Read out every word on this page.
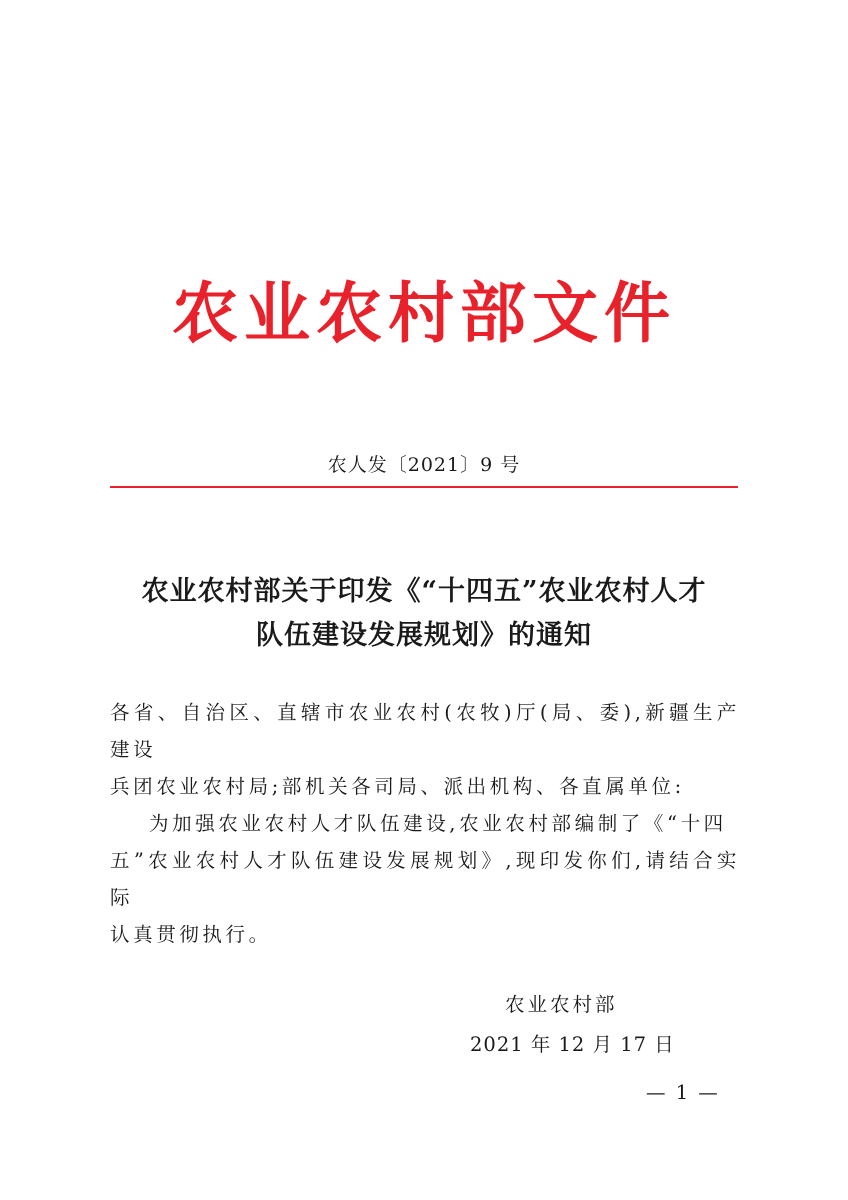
农业农村部文件
农人发〔2021〕9 号
农业农村部关于印发《“十四五”农业农村人才
队伍建设发展规划》的通知

各省、自治区、直辖市农业农村(农牧)厅(局、委),新疆生产建设

兵团农业农村局;部机关各司局、派出机构、各直属单位:

为加强农业农村人才队伍建设,农业农村部编制了《“十四

五”农业农村人才队伍建设发展规划》,现印发你们,请结合实际

认真贯彻执行。

农业农村部
2021 年 12 月 17 日
— 1 —
